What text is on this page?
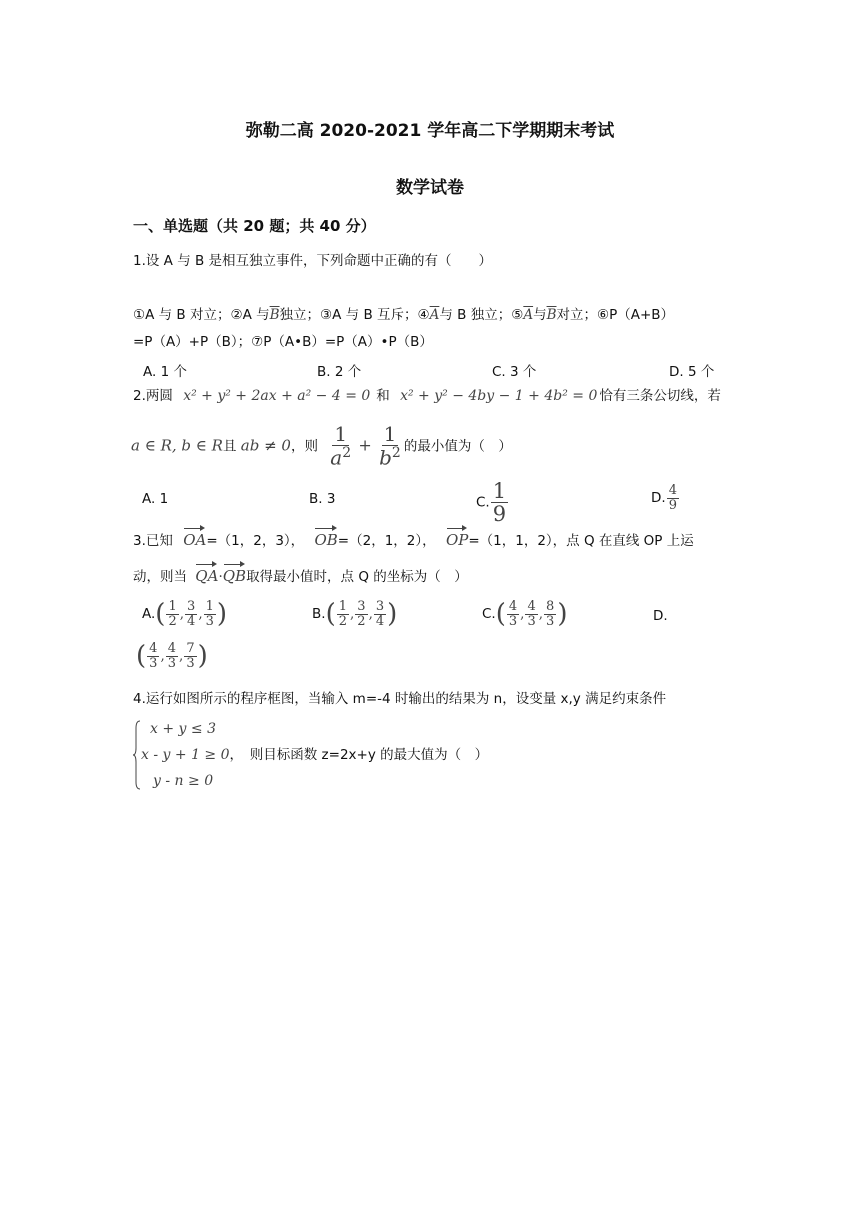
弥勒二高 2020-2021 学年高二下学期期末考试
数学试卷
一、单选题（共 20 题；共 40 分）
1.设 A 与 B 是相互独立事件，下列命题中正确的有（　　）
①A 与 B 对立；②A 与$\overline{B}$独立；③A 与 B 互斥；$④\overline{A}$与 B 独立；$⑤\overline{A}$与$\overline{B}$对立；⑥P（A+B）
=P（A）+P（B）；⑦P（A•B）=P（A）•P（B）
A. 1 个	B. 2 个	C. 3 个	D. 5 个
2.两圆 x² + y² + 2ax + a² − 4 = 0 和 x² + y² − 4by − 1 + 4b² = 0 恰有三条公切线，若
a ∈ R, b ∈ R且 ab ≠ 0，则 $\frac{1}{a^2} + \frac{1}{b^2}$ 的最小值为（　）
A. 1	B. 3	C. $\frac{1}{9}$	D. $\frac{4}{9}$
3.已知 OA=（1，2，3）， OB=（2，1，2）， OP=（1，1，2），点 Q 在直线 OP 上运
动，则当 QA·QB取得最小值时，点 Q 的坐标为（　）
$A.( \frac{1}{2}$ , $\frac{3}{4}$ , $\frac{1}{3}$ )	$B.( \frac{1}{2}$ , $\frac{3}{2}$ , $\frac{3}{4}$ )	$C.( \frac{4}{3}$ , $\frac{4}{3}$ , $\frac{8}{3}$ )	D.
( $\frac{4}{3}$ , $\frac{4}{3}$ , $\frac{7}{3}$ )
4.运行如图所示的程序框图，当输入 m=-4 时输出的结果为 n，设变量 x,y 满足约束条件
x + y ≤ 3
x - y + 1 ≥ 0，　则目标函数 z=2x+y 的最大值为（　）
y - n ≥ 0
